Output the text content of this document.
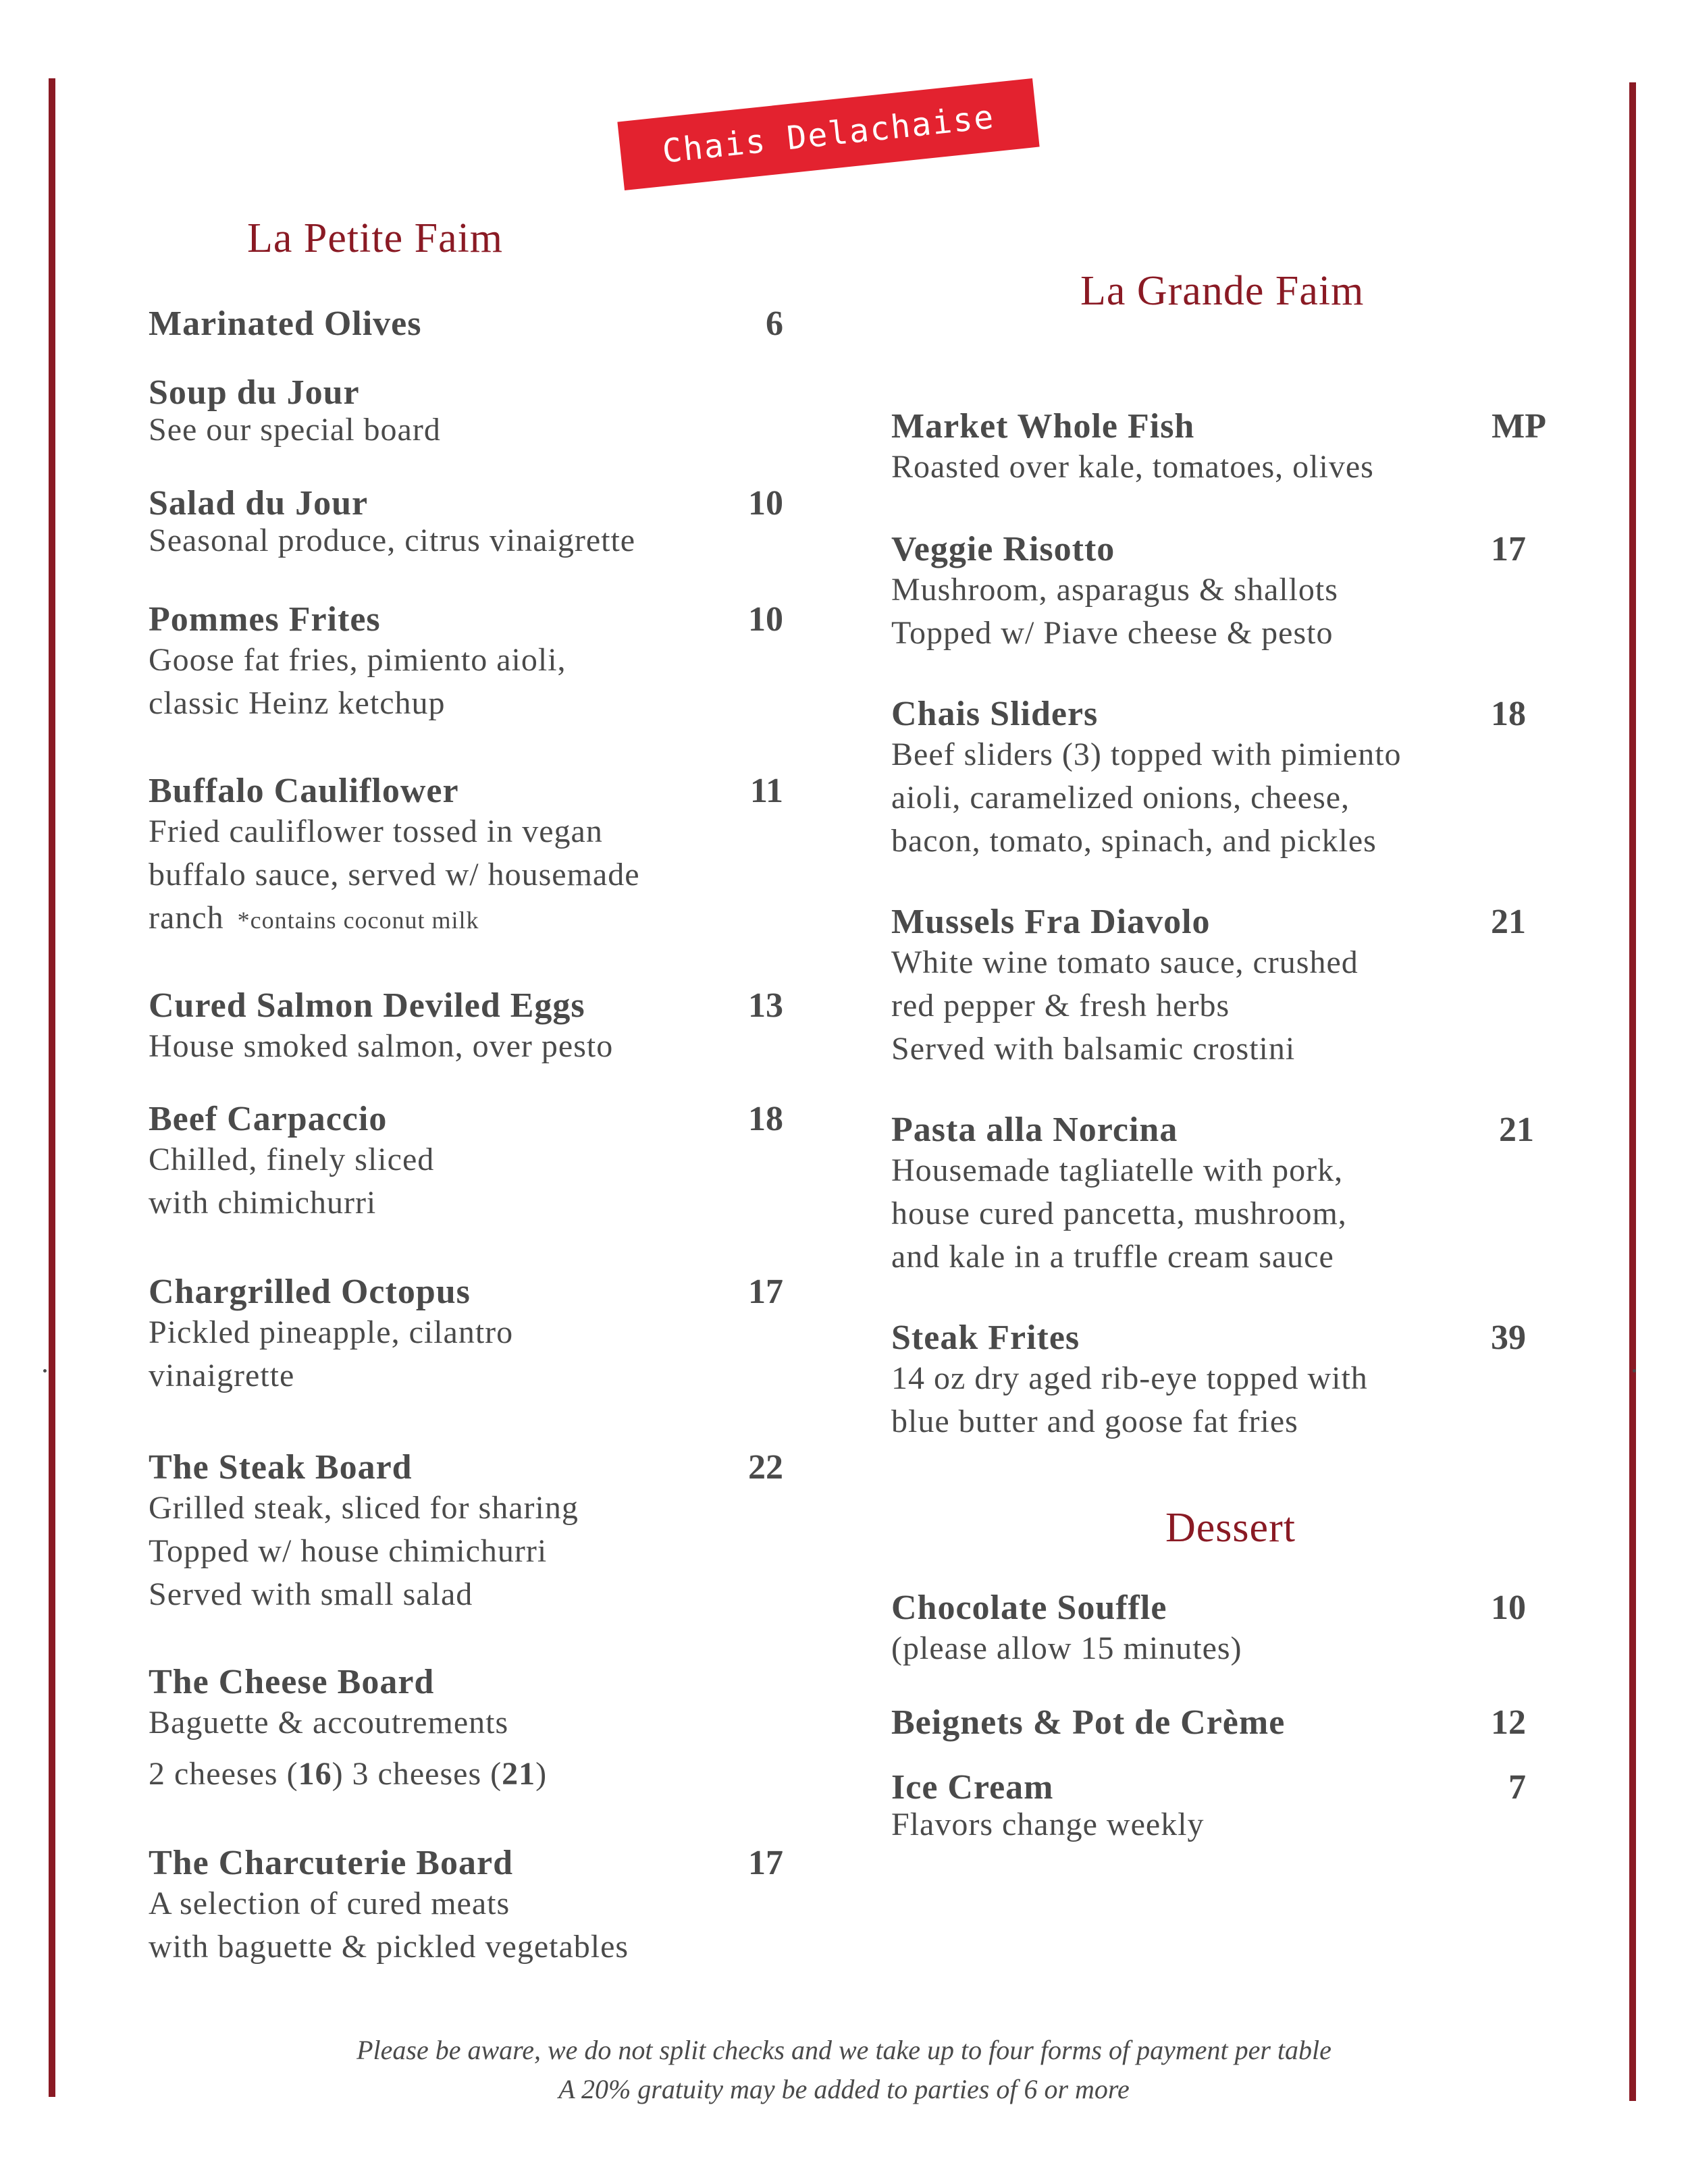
Chais Delachaise
La Petite Faim
La Grande Faim
Marinated Olives	6
Soup du Jour
See our special board
Salad du Jour
Seasonal produce, citrus vinaigrette
10
Pommes Frites
Goose fat fries, pimiento aioli,
classic Heinz ketchup
10
Buffalo Cauliflower
Fried cauliflower tossed in vegan
buffalo sauce, served w/ housemade
ranch *contains coconut milk
11
Cured Salmon Deviled Eggs
House smoked salmon, over pesto
13
Beef Carpaccio
Chilled, finely sliced
with chimichurri
18
Chargrilled Octopus
Pickled pineapple, cilantro
vinaigrette
17
The Steak Board
Grilled steak, sliced for sharing
Topped w/ house chimichurri
Served with small salad
22
The Cheese Board
Baguette & accoutrements
2 cheeses (16) 3 cheeses (21)
The Charcuterie Board
A selection of cured meats
with baguette & pickled vegetables
17
Market Whole Fish
Roasted over kale, tomatoes, olives
MP
Veggie Risotto
Mushroom, asparagus & shallots
Topped w/ Piave cheese & pesto
17
Chais Sliders
Beef sliders (3) topped with pimiento
aioli, caramelized onions, cheese,
bacon, tomato, spinach, and pickles
18
Mussels Fra Diavolo
White wine tomato sauce, crushed
red pepper & fresh herbs
Served with balsamic crostini
21
Pasta alla Norcina
Housemade tagliatelle with pork,
house cured pancetta, mushroom,
and kale in a truffle cream sauce
21
Steak Frites
14 oz dry aged rib-eye topped with
blue butter and goose fat fries
39
Dessert
Chocolate Souffle
(please allow 15 minutes)
10
Beignets & Pot de Crème	12
Ice Cream
Flavors change weekly
7
Please be aware, we do not split checks and we take up to four forms of payment per table
A 20% gratuity may be added to parties of 6 or more
